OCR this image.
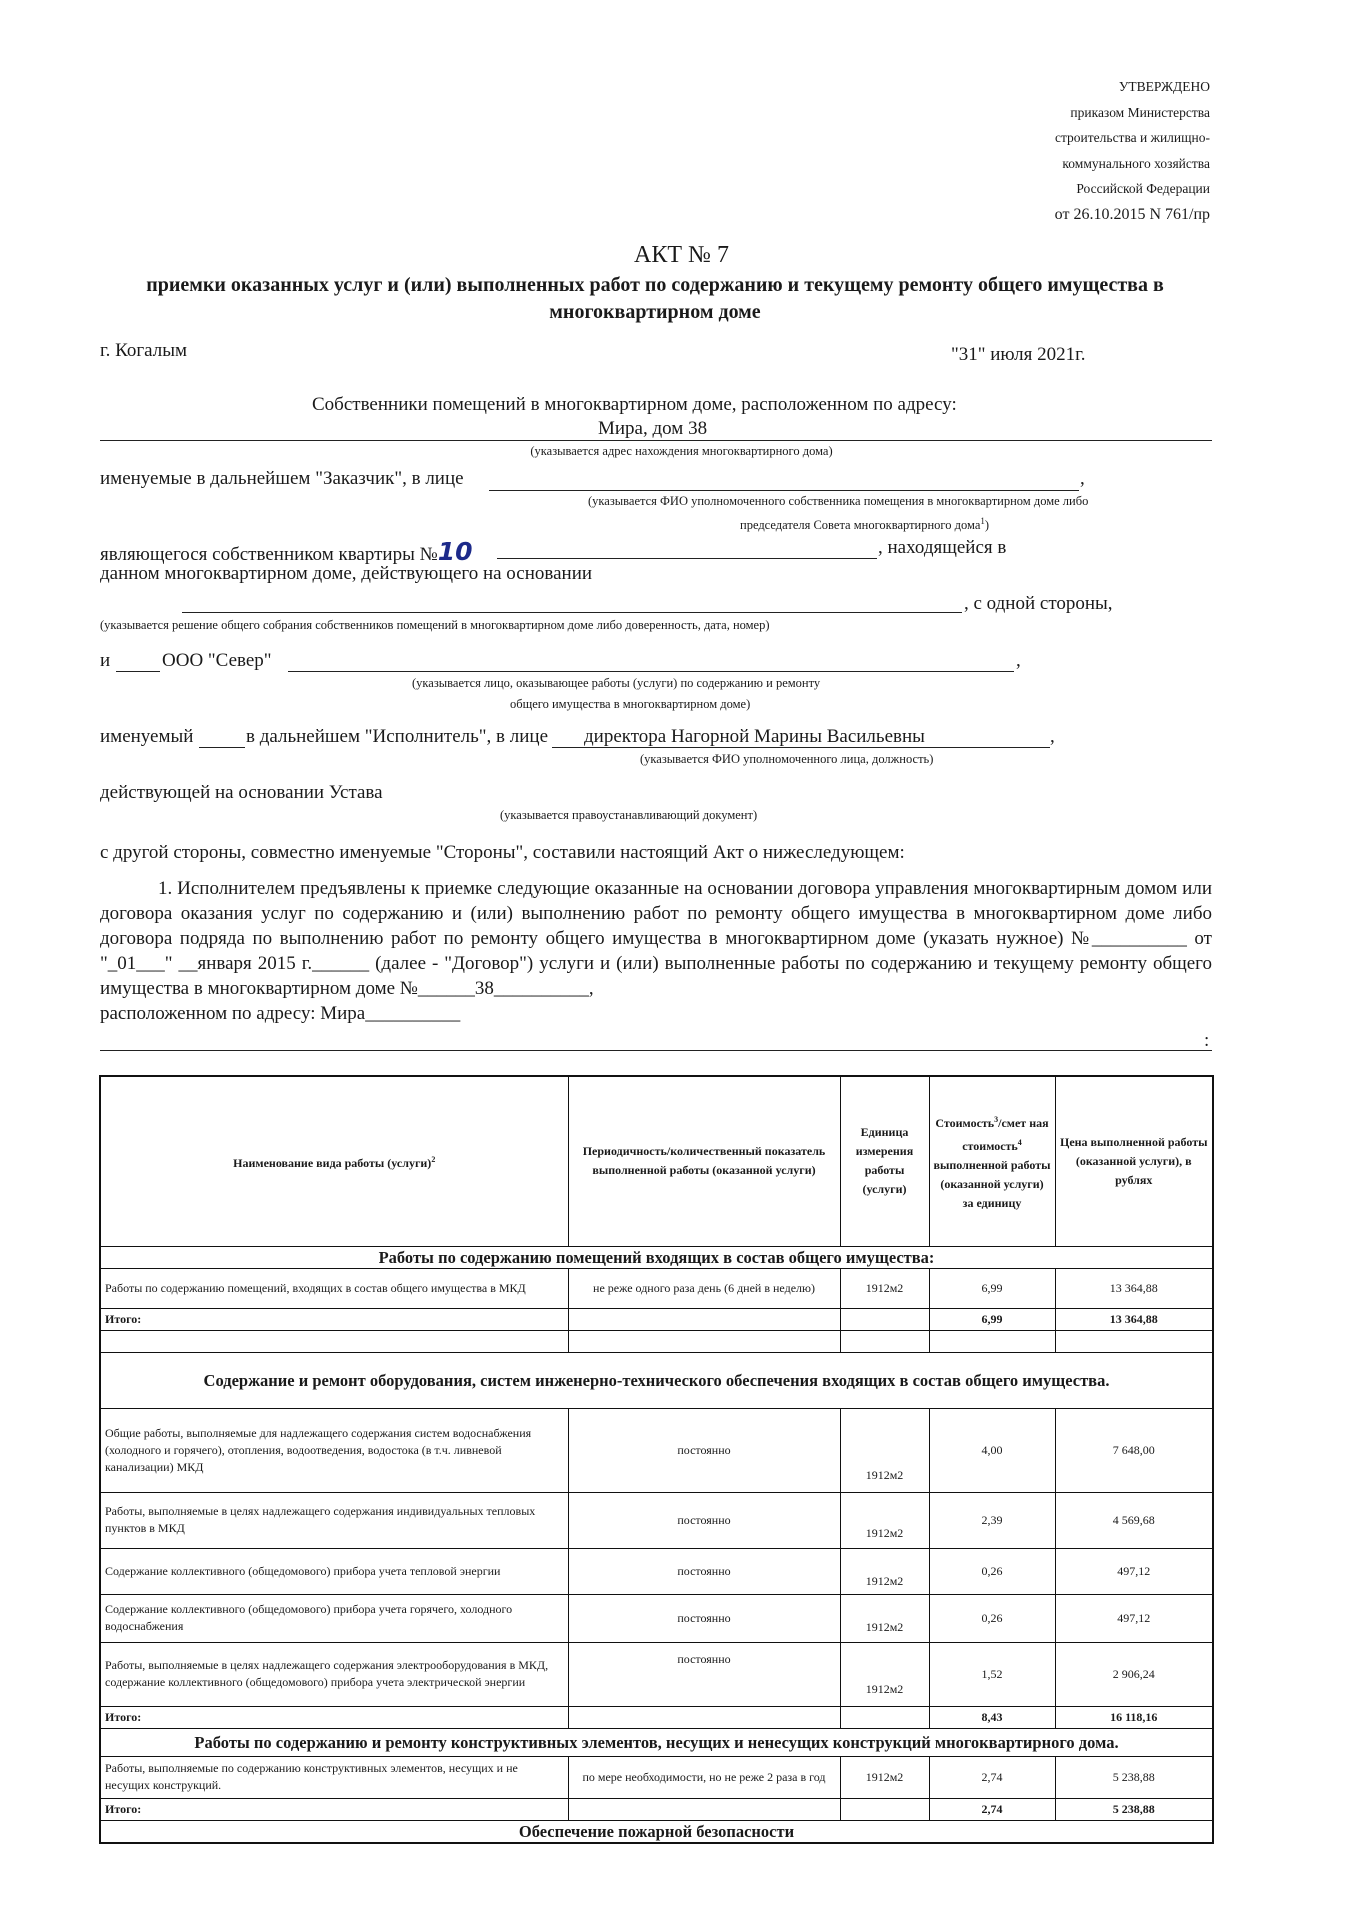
УТВЕРЖДЕНО
приказом Министерства
строительства и жилищно-
коммунального хозяйства
Российской Федерации
от 26.10.2015 N 761/пр
АКТ № 7
приемки оказанных услуг и (или) выполненных работ по содержанию и текущему ремонту общего имущества в многоквартирном доме
г. Когалым	"31" июля 2021г.
Собственники помещений в многоквартирном доме, расположенном по адресу:
Мира, дом 38
(указывается адрес нахождения многоквартирного дома)
именуемые в дальнейшем "Заказчик", в лице	,
(указывается ФИО уполномоченного собственника помещения в многоквартирном доме либо
председателя Совета многоквартирного дома$^1$)
являющегося собственником квартиры №10	, находящейся в
данном многоквартирном доме, действующего на основании
, с одной стороны,
(указывается решение общего собрания собственников помещений в многоквартирном доме либо доверенность, дата, номер)
и	ООО "Север"	,
(указывается лицо, оказывающее работы (услуги) по содержанию и ремонту
общего имущества в многоквартирном доме)
именуемый	в дальнейшем "Исполнитель", в лице директора Нагорной Марины Васильевны	,
(указывается ФИО уполномоченного лица, должность)
действующей на основании Устава
(указывается правоустанавливающий документ)
с другой стороны, совместно именуемые "Стороны", составили настоящий Акт о нижеследующем:
1. Исполнителем предъявлены к приемке следующие оказанные на основании договора управления многоквартирным домом или договора оказания услуг по содержанию и (или) выполнению работ по ремонту общего имущества в многоквартирном доме либо договора подряда по выполнению работ по ремонту общего имущества в многоквартирном доме (указать нужное) №__________ от "_01___" __января 2015 г.______ (далее - "Договор") услуги и (или) выполненные работы по содержанию и текущему ремонту общего имущества в многоквартирном доме №______38__________,
расположенном по адресу: Мира__________
:
Наименование вида работы (услуги)$^2$	Периодичность/количественный показатель выполненной работы (оказанной услуги)	Единица измерения работы (услуги)	Стоимость$^3$/смет ная стоимость$^4$ выполненной работы (оказанной услуги) за единицу	Цена выполненной работы (оказанной услуги), в рублях
Работы по содержанию помещений входящих в состав общего имущества:				
Работы по содержанию помещений, входящих в состав общего имущества в МКД	не реже одного раза день (6 дней в неделю)	1912м2	6,99	13 364,88
Итого:			6,99	13 364,88

Содержание и ремонт оборудования, систем инженерно-технического обеспечения входящих в состав общего имущества.				
Общие работы, выполняемые для надлежащего содержания систем водоснабжения (холодного и горячего), отопления, водоотведения, водостока (в т.ч. ливневой канализации) МКД	постоянно	1912м2	4,00	7 648,00
Работы, выполняемые в целях надлежащего содержания индивидуальных тепловых пунктов в МКД	постоянно	1912м2	2,39	4 569,68
Содержание коллективного (общедомового) прибора учета тепловой энергии	постоянно	1912м2	0,26	497,12
Содержание коллективного (общедомового) прибора учета горячего, холодного водоснабжения	постоянно	1912м2	0,26	497,12
Работы, выполняемые в целях надлежащего содержания электрооборудования в МКД, содержание коллективного (общедомового) прибора учета электрической энергии	постоянно	1912м2	1,52	2 906,24
Итого:			8,43	16 118,16
Работы по содержанию и ремонту конструктивных элементов, несущих и ненесущих конструкций многоквартирного дома.				
Работы, выполняемые по содержанию конструктивных элементов, несущих и не несущих конструкций.	по мере необходимости, но не реже 2 раза в год	1912м2	2,74	5 238,88
Итого:			2,74	5 238,88
Обеспечение пожарной безопасности				
